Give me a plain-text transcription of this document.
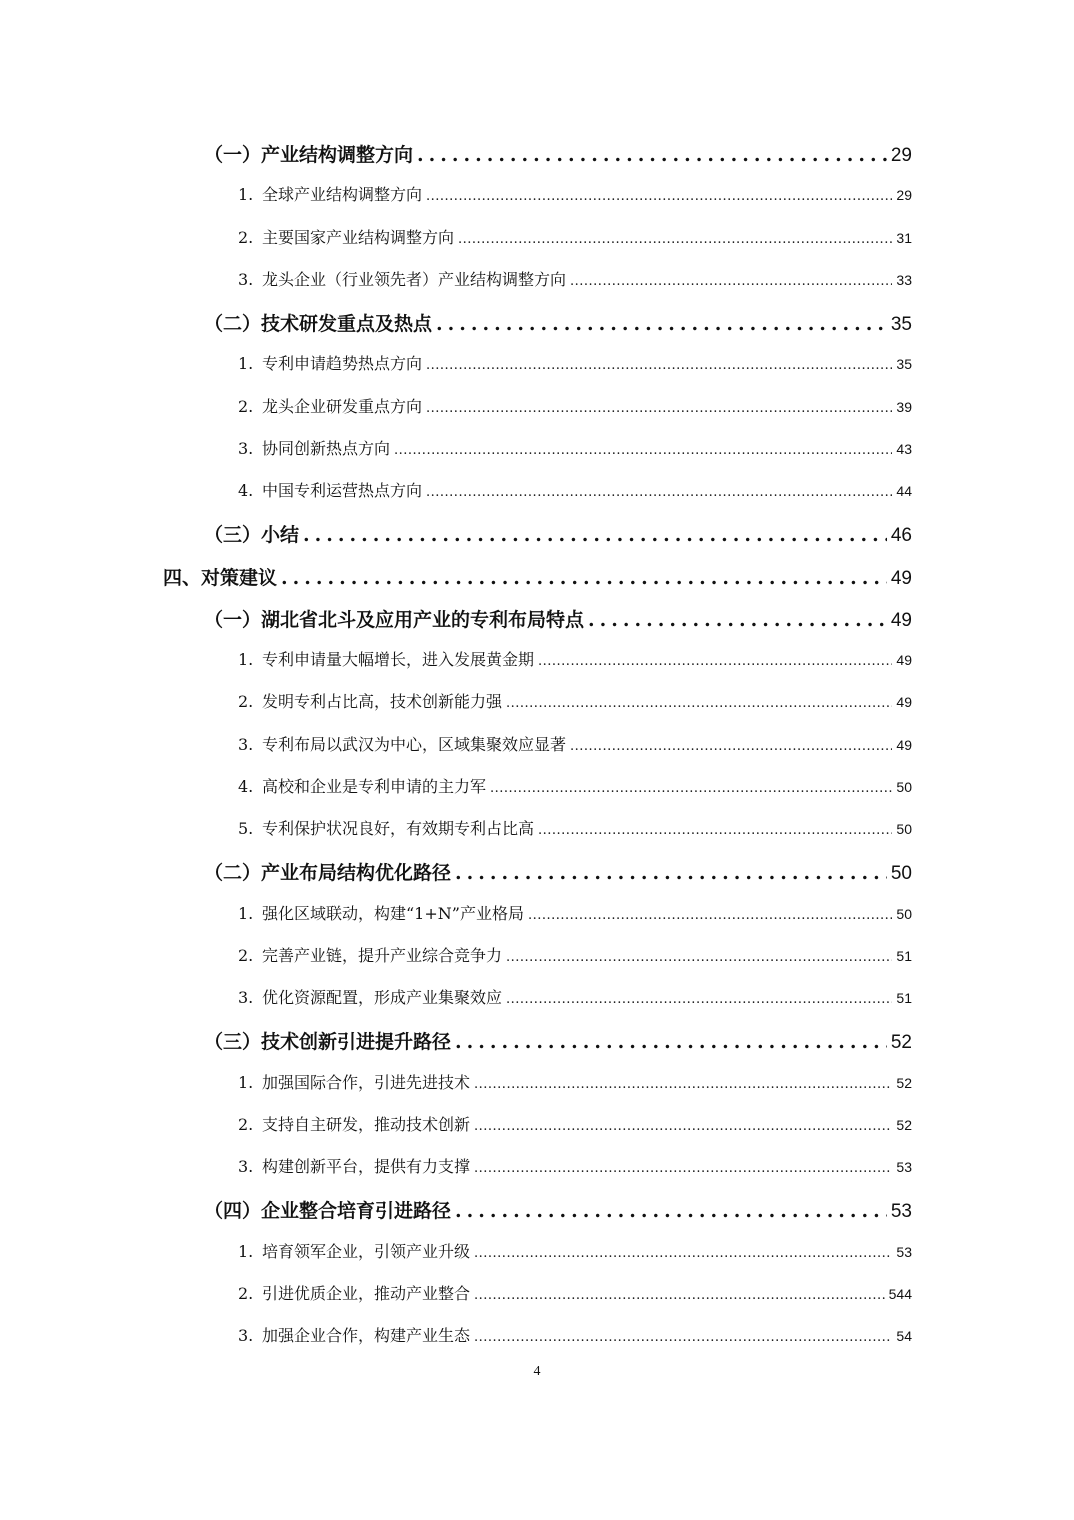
（一）产业结构调整方向
.....	29
1. 全球产业结构调整方向
.....	29
2. 主要国家产业结构调整方向
.....	31
3. 龙头企业（行业领先者）产业结构调整方向
.....	33
（二）技术研发重点及热点
.....	35
1. 专利申请趋势热点方向
.....	35
2. 龙头企业研发重点方向
.....	39
3. 协同创新热点方向
.....	43
4. 中国专利运营热点方向
.....	44
（三）小结
.....	46
四、对策建议
.....	49
（一）湖北省北斗及应用产业的专利布局特点
.....	49
1. 专利申请量大幅增长，进入发展黄金期
.....	49
2. 发明专利占比高，技术创新能力强
.....	49
3. 专利布局以武汉为中心，区域集聚效应显著
.....	49
4. 高校和企业是专利申请的主力军
.....	50
5. 专利保护状况良好，有效期专利占比高
.....	50
（二）产业布局结构优化路径
.....	50
1. 强化区域联动，构建“1+N”产业格局
.....	50
2. 完善产业链，提升产业综合竞争力
.....	51
3. 优化资源配置，形成产业集聚效应
.....	51
（三）技术创新引进提升路径
.....	52
1. 加强国际合作，引进先进技术
.....	52
2. 支持自主研发，推动技术创新
.....	52
3. 构建创新平台，提供有力支撑
.....	53
（四）企业整合培育引进路径
.....	53
1. 培育领军企业，引领产业升级
.....	53
2. 引进优质企业，推动产业整合
.....	544
3. 加强企业合作，构建产业生态
.....	54
4
